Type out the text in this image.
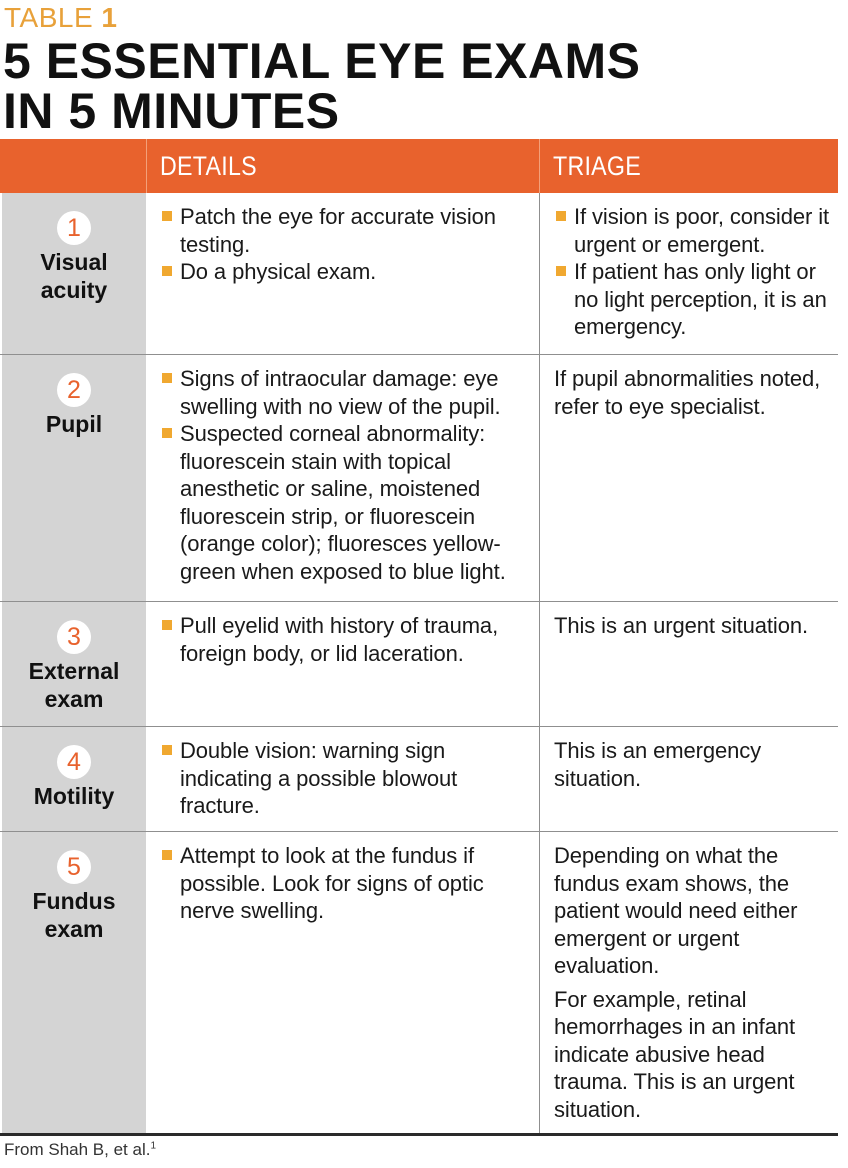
TABLE 1
5 ESSENTIAL EYE EXAMS
IN 5 MINUTES
DETAILS	TRIAGE
1
Visual
acuity
Patch the eye for accurate vision testing.
Do a physical exam.
If vision is poor, consider it urgent or emergent.
If patient has only light or no light perception, it is an emergency.
2
Pupil
Signs of intraocular damage: eye swelling with no view of the pupil.
Suspected corneal abnormality: fluorescein stain with topical anesthetic or saline, moistened fluorescein strip, or fluorescein (orange color); fluoresces yellow-green when exposed to blue light.

If pupil abnormalities noted, refer to eye specialist.

3
External
exam
Pull eyelid with history of trauma, foreign body, or lid laceration.

This is an urgent situation.

4
Motility
Double vision: warning sign indicating a possible blowout fracture.

This is an emergency situation.

5
Fundus
exam
Attempt to look at the fundus if possible. Look for signs of optic nerve swelling.

Depending on what the fundus exam shows, the patient would need either emergent or urgent evaluation.

For example, retinal hemorrhages in an infant indicate abusive head trauma. This is an urgent situation.

From Shah B, et al.$^1$
